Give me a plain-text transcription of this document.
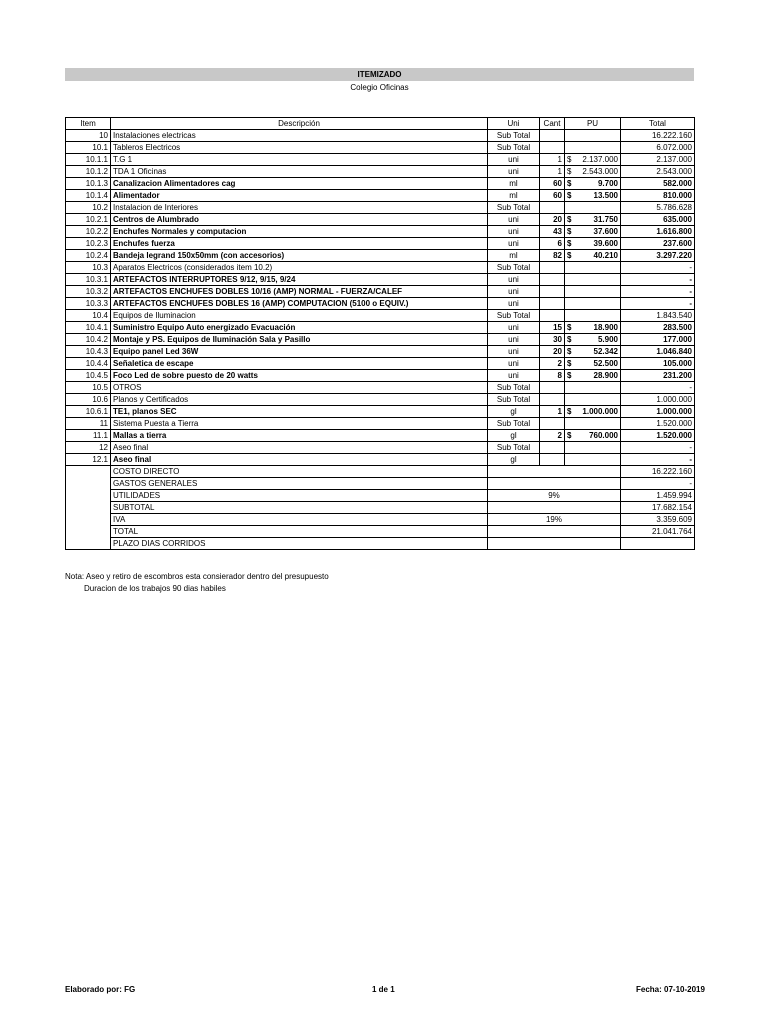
ITEMIZADO
Colegio Oficinas
Item	Descripción	Uni	Cant	PU	Total
10	Instalaciones electricas	Sub Total			16.222.160
10.1	Tableros Electricos	Sub Total			6.072.000
10.1.1	T.G 1	uni	1	$ 2.137.000	2.137.000
10.1.2	TDA 1 Oficinas	uni	1	$ 2.543.000	2.543.000
10.1.3	Canalizacion Alimentadores cag	ml	60	$ 9.700	582.000
10.1.4	Alimentador	ml	60	$ 13.500	810.000
10.2	Instalacion de Interiores	Sub Total			5.786.628
10.2.1	Centros de Alumbrado	uni	20	$ 31.750	635.000
10.2.2	Enchufes Normales y computacion	uni	43	$ 37.600	1.616.800
10.2.3	Enchufes fuerza	uni	6	$ 39.600	237.600
10.2.4	Bandeja legrand 150x50mm (con accesorios)	ml	82	$ 40.210	3.297.220
10.3	Aparatos Electricos (considerados item 10.2)	Sub Total			-
10.3.1	ARTEFACTOS INTERRUPTORES 9/12, 9/15, 9/24	uni			-
10.3.2	ARTEFACTOS ENCHUFES DOBLES 10/16 (AMP) NORMAL - FUERZA/CALEF	uni			-
10.3.3	ARTEFACTOS ENCHUFES DOBLES 16 (AMP) COMPUTACION (5100 o EQUIV.)	uni			-
10.4	Equipos de Iluminacion	Sub Total			1.843.540
10.4.1	Suministro Equipo Auto energizado Evacuación	uni	15	$ 18.900	283.500
10.4.2	Montaje y PS. Equipos de Iluminación Sala y Pasillo	uni	30	$ 5.900	177.000
10.4.3	Equipo panel Led 36W	uni	20	$ 52.342	1.046.840
10.4.4	Señaletica de escape	uni	2	$ 52.500	105.000
10.4.5	Foco Led de sobre puesto de 20 watts	uni	8	$ 28.900	231.200
10.5	OTROS	Sub Total			-
10.6	Planos y Certificados	Sub Total			1.000.000
10.6.1	TE1, planos SEC	gl	1	$ 1.000.000	1.000.000
11	Sistema Puesta a Tierra	Sub Total			1.520.000
11.1	Mallas a tierra	gl	2	$ 760.000	1.520.000
12	Aseo final	Sub Total			-
12.1	Aseo final	gl			-
	COSTO DIRECTO				16.222.160
	GASTOS GENERALES				-
	UTILIDADES	9%			1.459.994
	SUBTOTAL				17.682.154
	IVA	19%			3.359.609
	TOTAL				21.041.764
	PLAZO DIAS CORRIDOS				
Nota: Aseo y retiro de escombros esta consierador dentro del presupuesto
Duracion de los trabajos 90 dias habiles
Elaborado por: FG	1 de 1	Fecha: 07-10-2019
